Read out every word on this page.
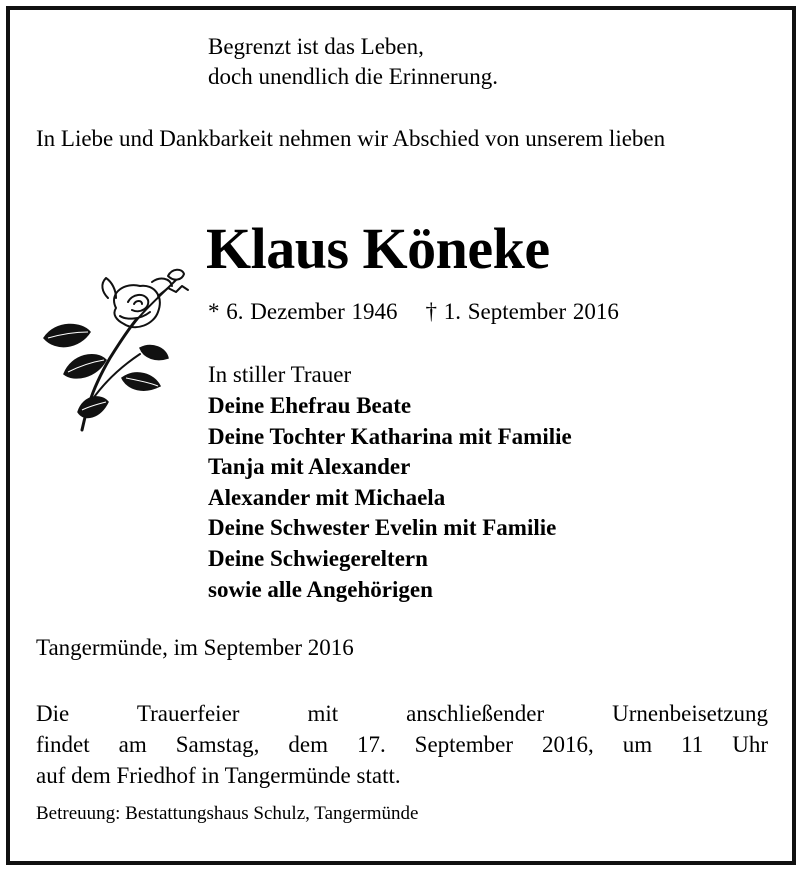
Begrenzt ist das Leben,
doch unendlich die Erinnerung.

In Liebe und Dankbarkeit nehmen wir Abschied von unserem lieben

Klaus Köneke

* 6. Dezember 1946 † 1. September 2016

In stiller Trauer

Deine Ehefrau Beate
Deine Tochter Katharina mit Familie
Tanja mit Alexander
Alexander mit Michaela
Deine Schwester Evelin mit Familie
Deine Schwiegereltern
sowie alle Angehörigen

Tangermünde, im September 2016

Die Trauerfeier mit anschließender Urnenbeisetzung
findet am Samstag, dem 17. September 2016, um 11 Uhr
auf dem Friedhof in Tangermünde statt.

Betreuung: Bestattungshaus Schulz, Tangermünde
